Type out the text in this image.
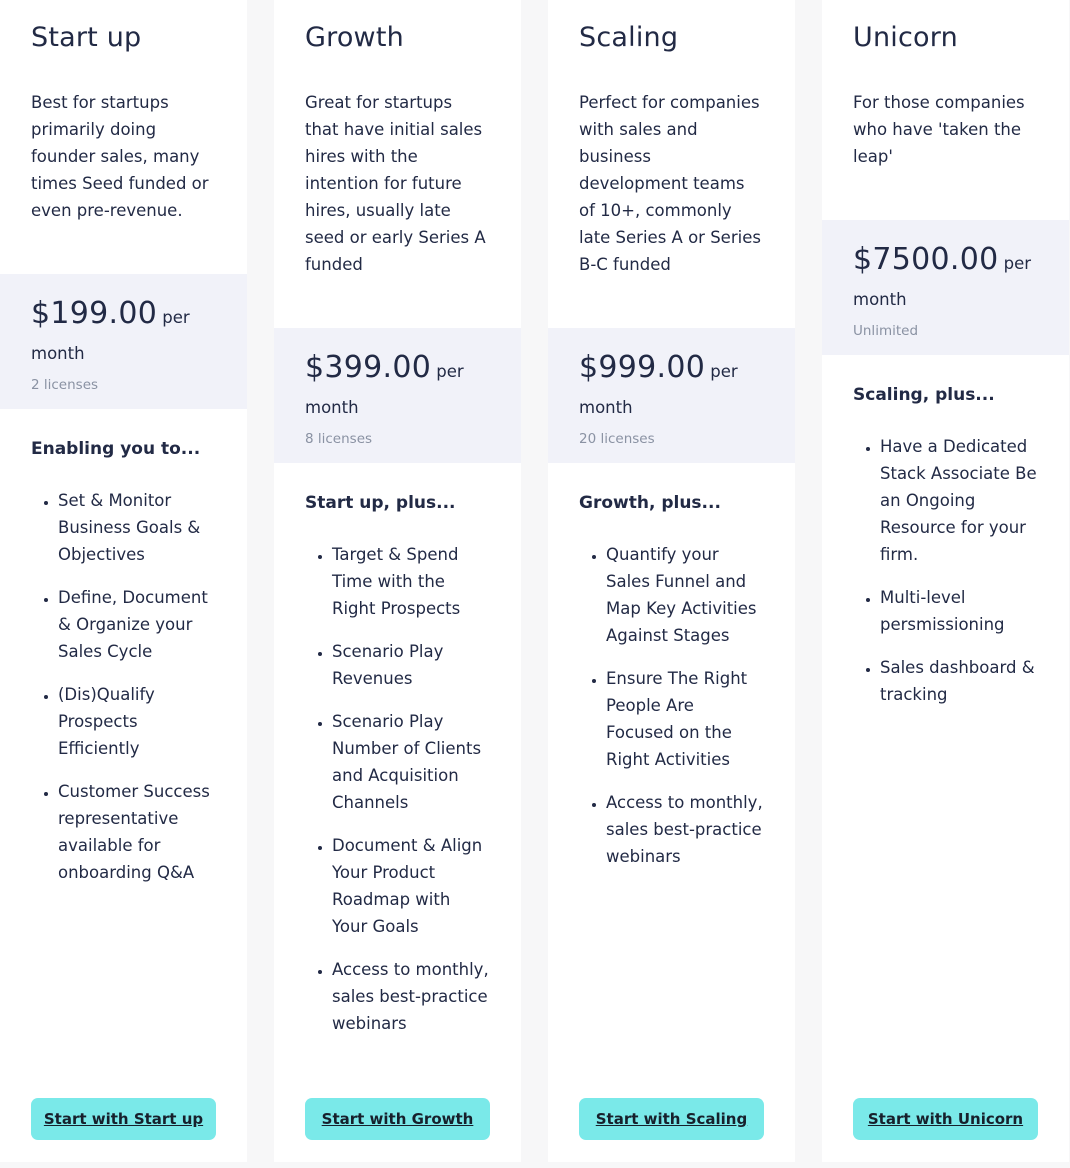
Start up

Best for startups primarily doing founder sales, many times Seed funded or even pre-revenue.

$199.00 per month
2 licenses
Enabling you to...
• Set & Monitor Business Goals & Objectives
• Define, Document & Organize your Sales Cycle
• (Dis)Qualify Prospects Efficiently
• Customer Success representative available for onboarding Q&A
Start with Start up
Growth

Great for startups that have initial sales hires with the intention for future hires, usually late seed or early Series A funded

$399.00 per month
8 licenses
Start up, plus...
• Target & Spend Time with the Right Prospects
• Scenario Play Revenues
• Scenario Play Number of Clients and Acquisition Channels
• Document & Align Your Product Roadmap with Your Goals
• Access to monthly, sales best-practice webinars
Start with Growth
Scaling

Perfect for companies with sales and business development teams of 10+, commonly late Series A or Series B-C funded

$999.00 per month
20 licenses
Growth, plus...
• Quantify your Sales Funnel and Map Key Activities Against Stages
• Ensure The Right People Are Focused on the Right Activities
• Access to monthly, sales best-practice webinars
Start with Scaling
Unicorn

For those companies who have 'taken the leap'

$7500.00 per month
Unlimited
Scaling, plus...
• Have a Dedicated Stack Associate Be an Ongoing Resource for your firm.
• Multi-level persmissioning
• Sales dashboard & tracking
Start with Unicorn
